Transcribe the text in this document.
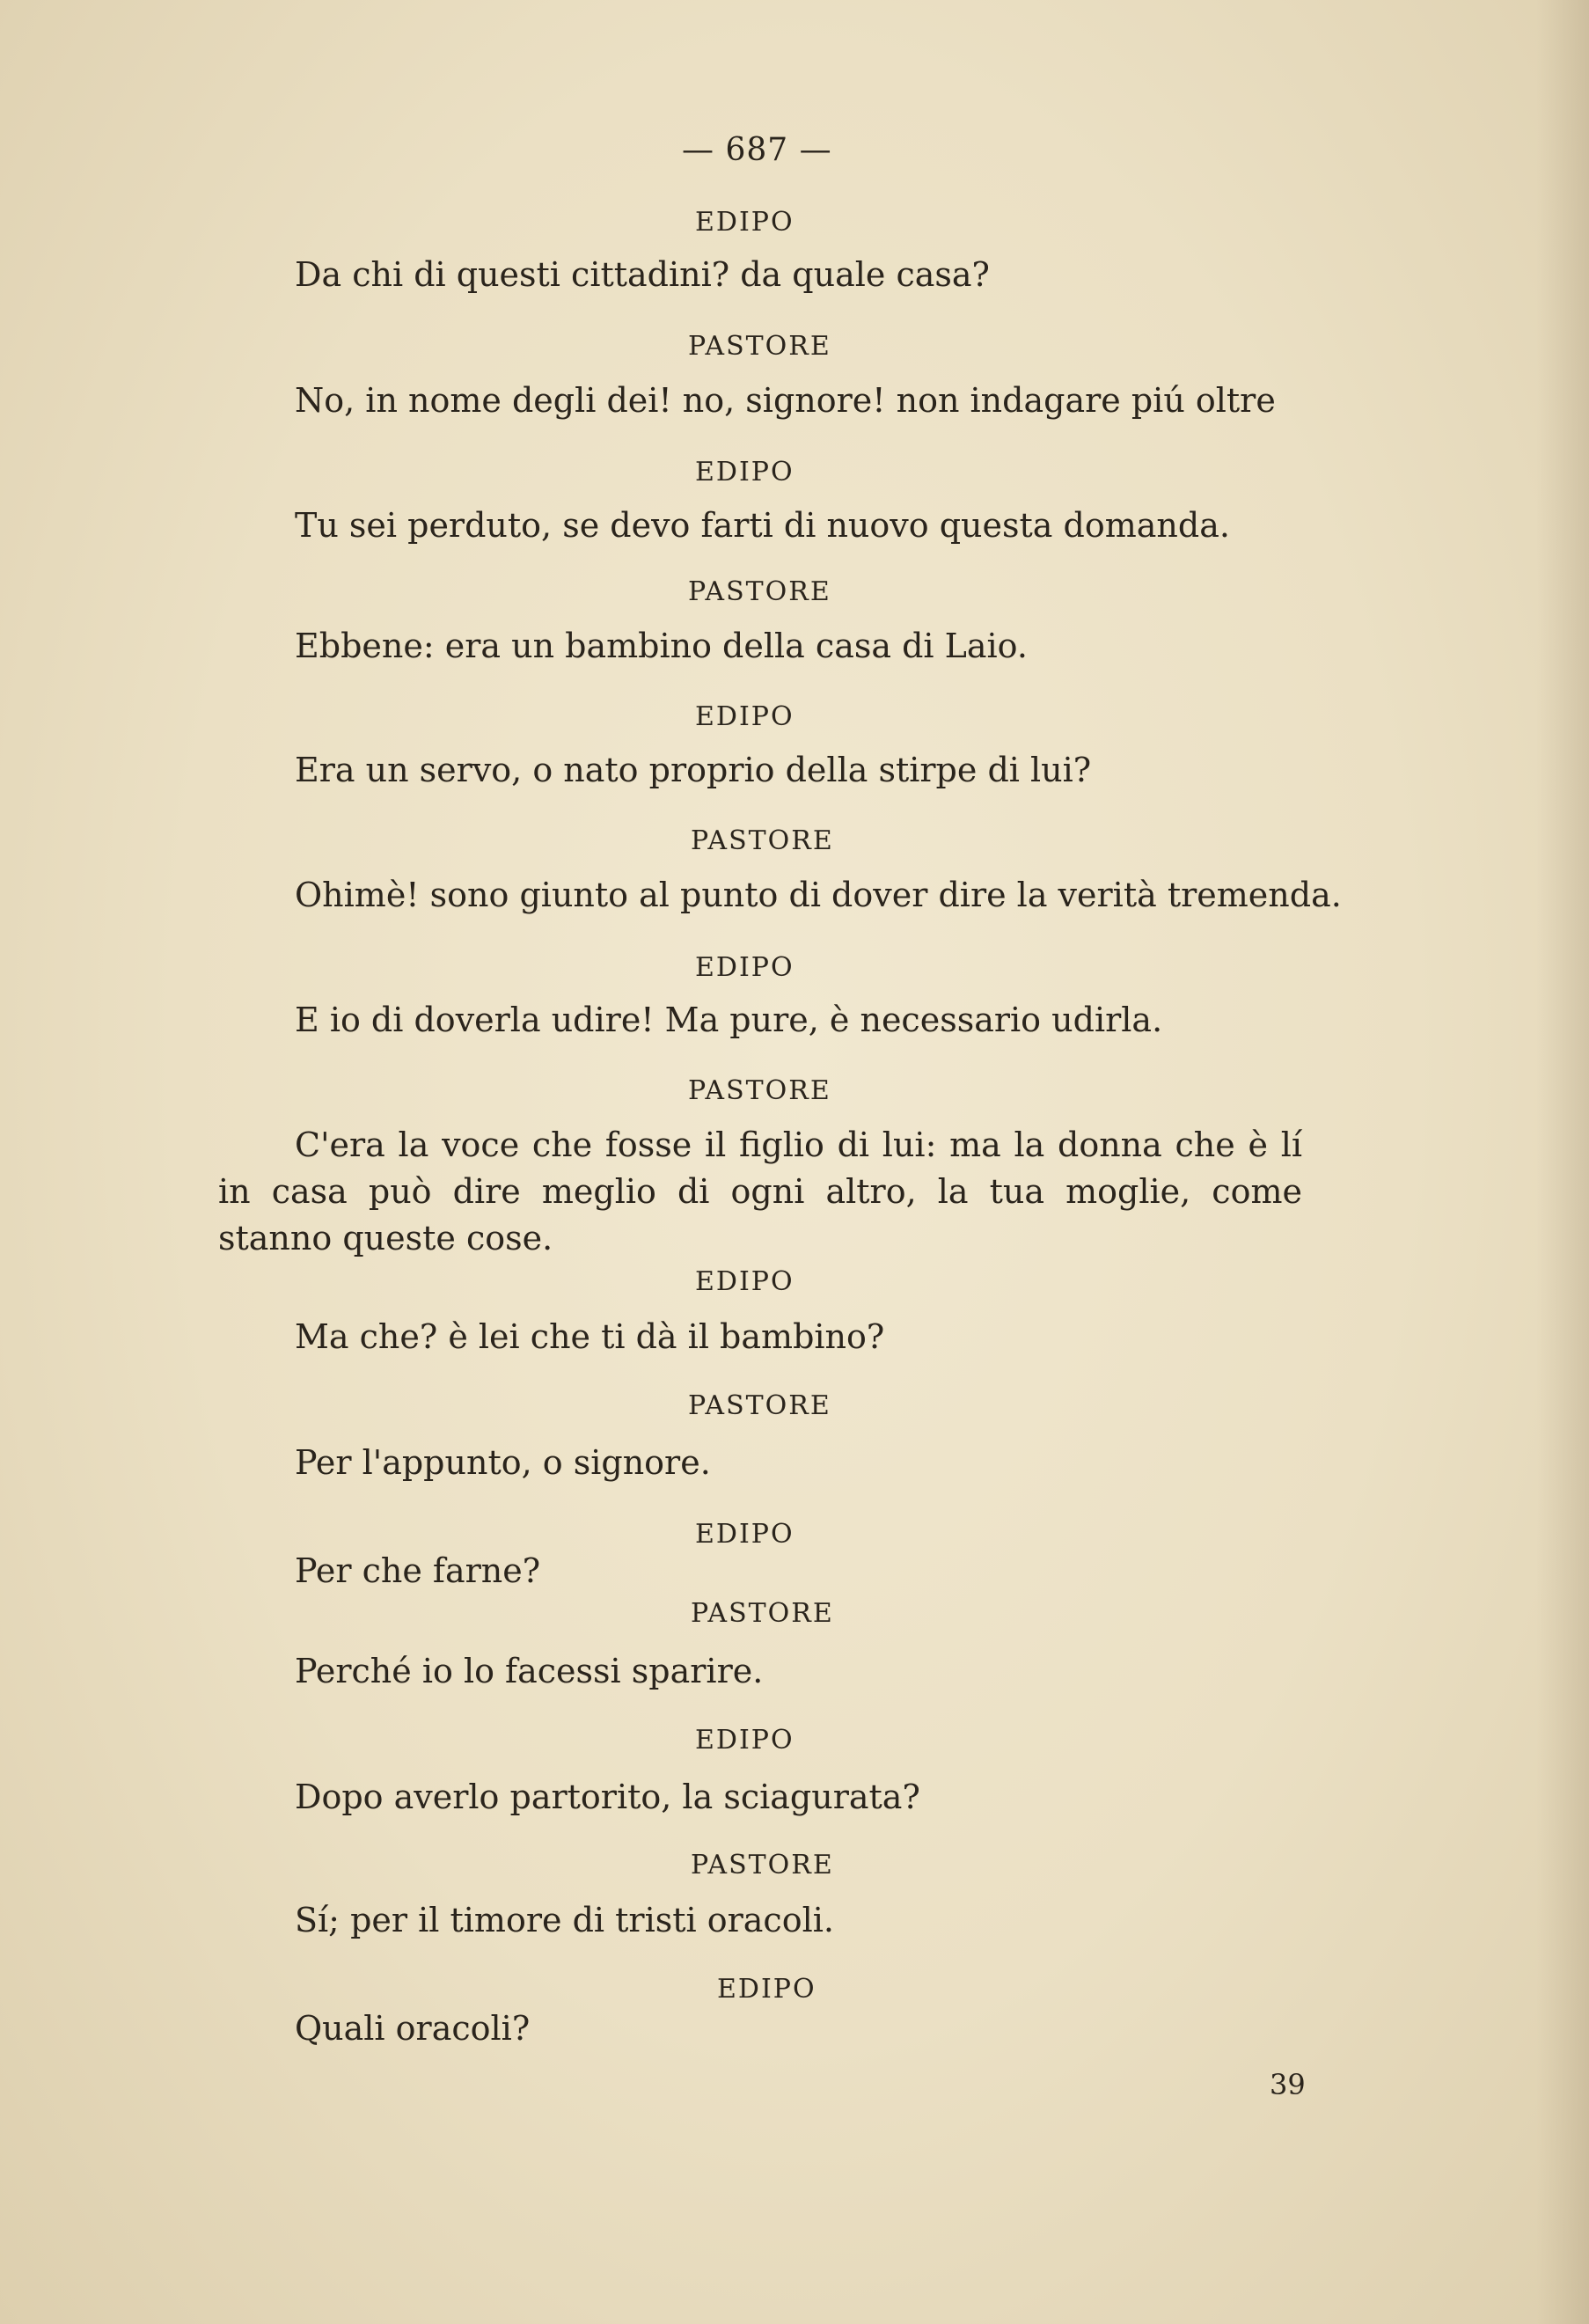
— 687 —
EDIPO
Da chi di questi cittadini? da quale casa?
PASTORE
No, in nome degli dei! no, signore! non indagare piú oltre
EDIPO
Tu sei perduto, se devo farti di nuovo questa domanda.
PASTORE
Ebbene: era un bambino della casa di Laio.
EDIPO
Era un servo, o nato proprio della stirpe di lui?
PASTORE
Ohimè! sono giunto al punto di dover dire la verità tremenda.
EDIPO
E io di doverla udire! Ma pure, è necessario udirla.
PASTORE
C'era la voce che fosse il figlio di lui: ma la donna che è lí in casa può dire meglio di ogni altro, la tua moglie, come stanno queste cose.
EDIPO
Ma che? è lei che ti dà il bambino?
PASTORE
Per l'appunto, o signore.
EDIPO
Per che farne?
PASTORE
Perché io lo facessi sparire.
EDIPO
Dopo averlo partorito, la sciagurata?
PASTORE
Sí; per il timore di tristi oracoli.
EDIPO
Quali oracoli?
39
